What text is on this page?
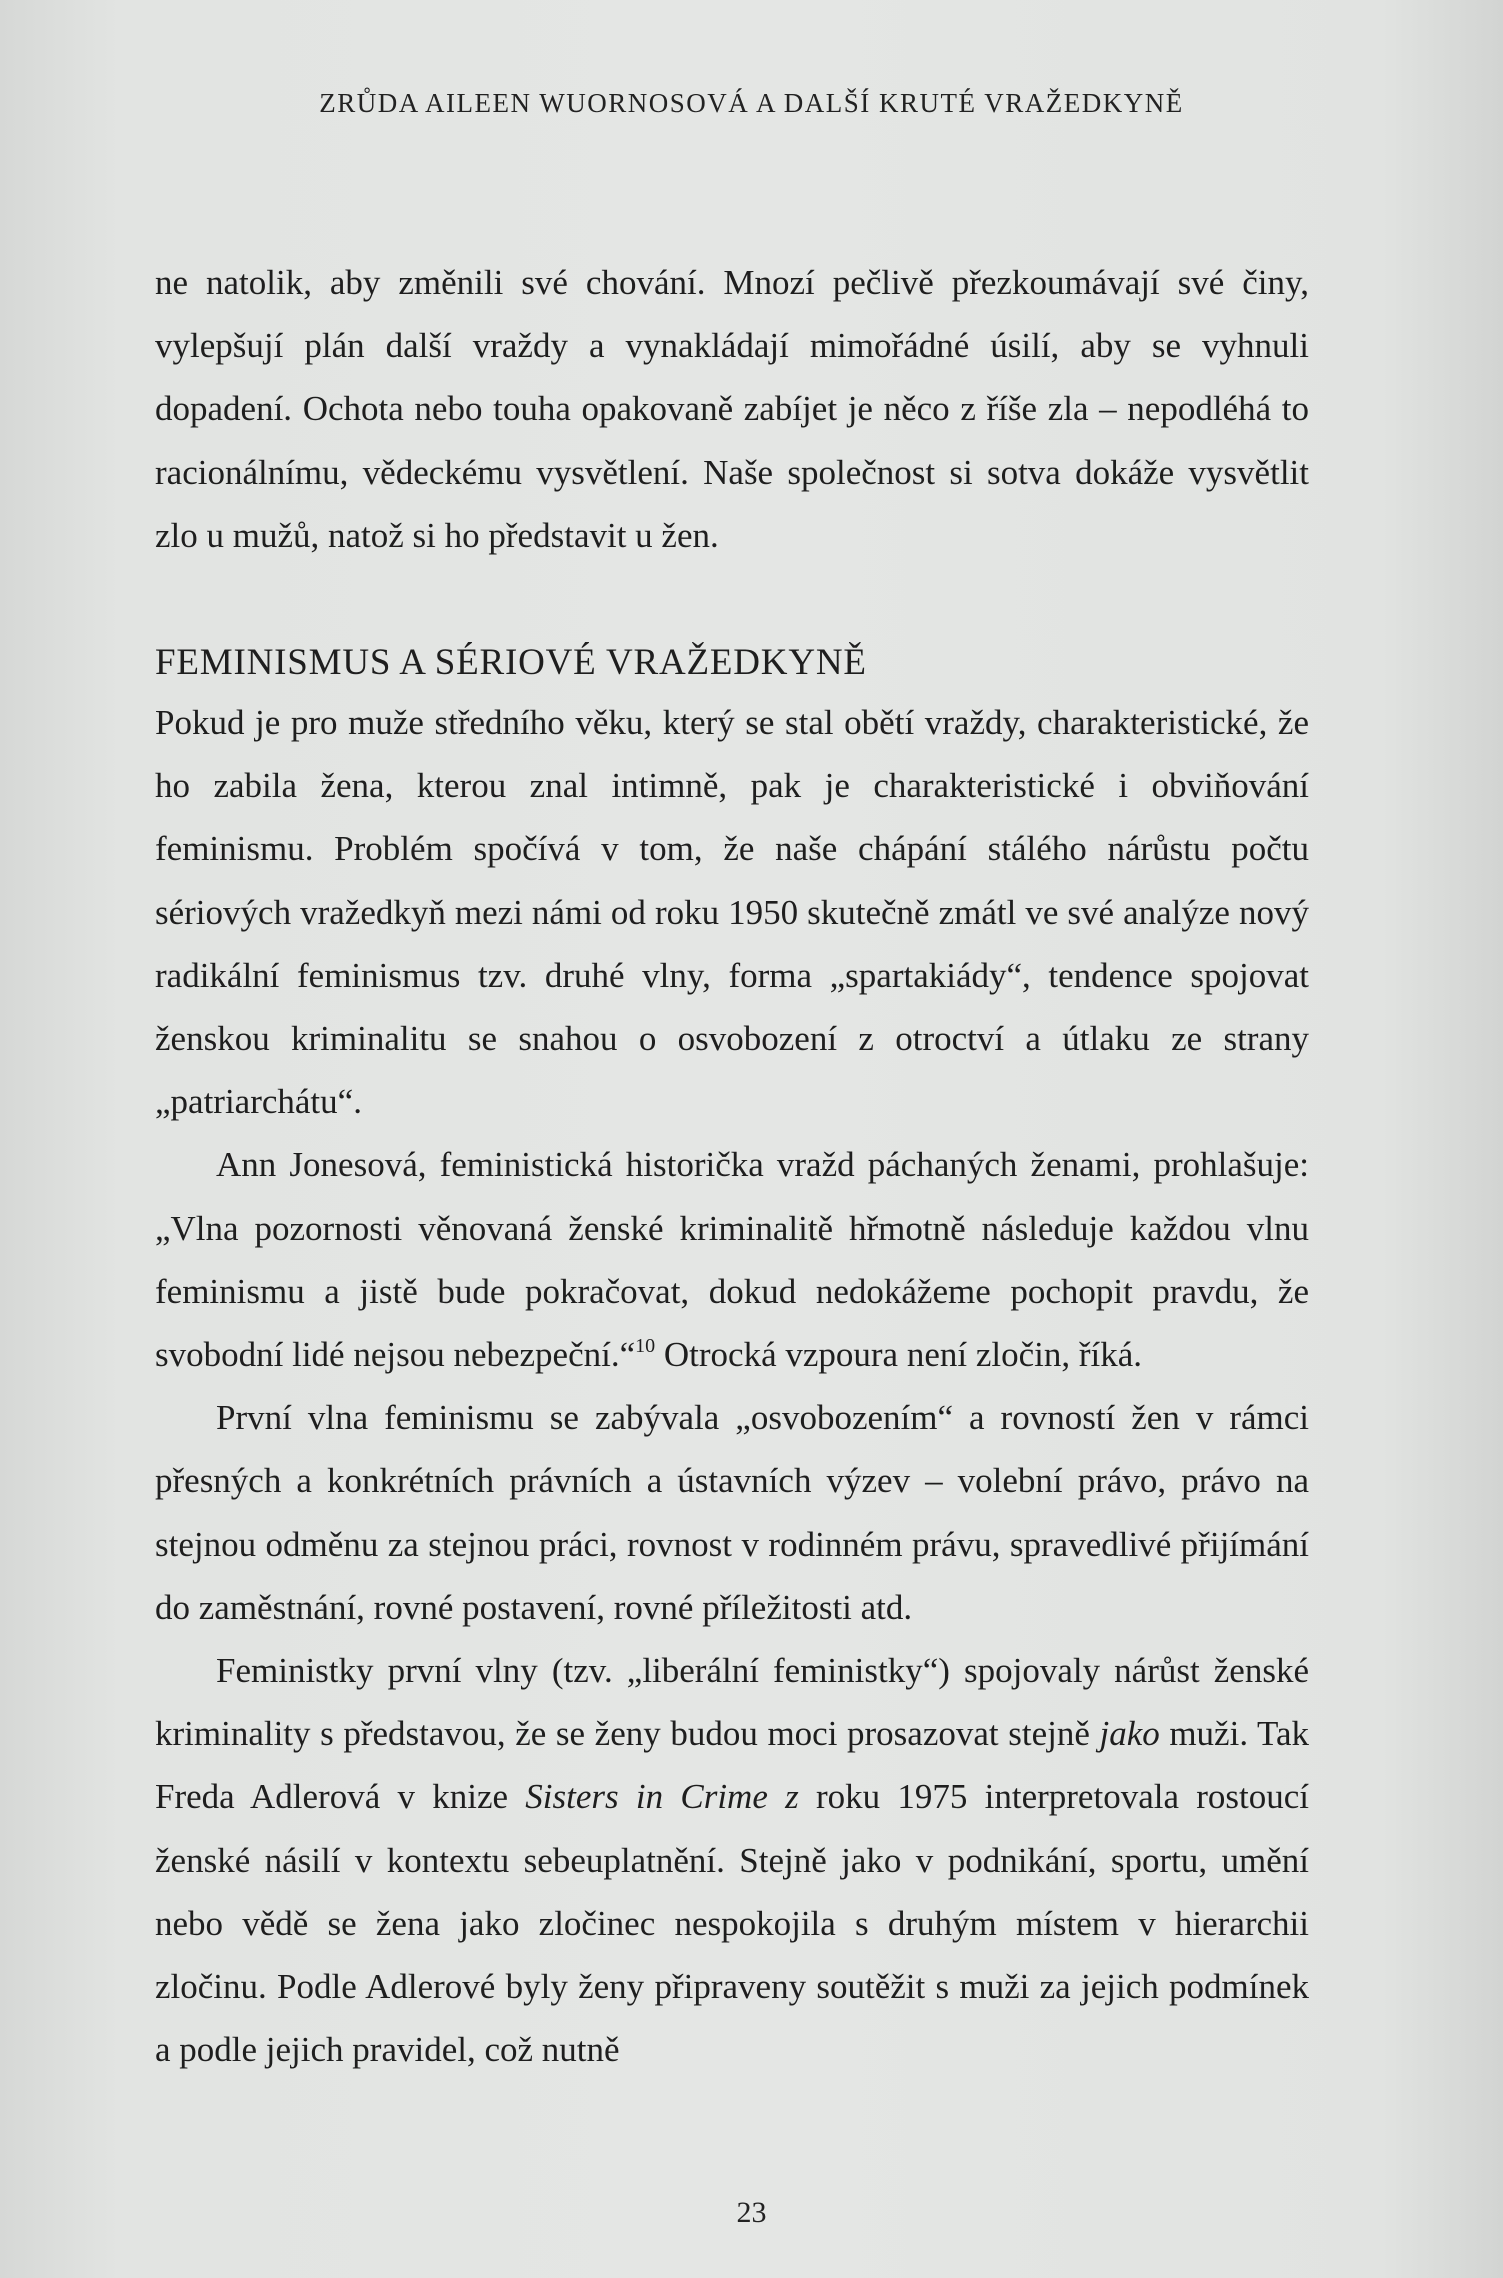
ZRŮDA AILEEN WUORNOSOVÁ A DALŠÍ KRUTÉ VRAŽEDKYNĚ

ne natolik, aby změnili své chování. Mnozí pečlivě přezkoumávají své činy, vylepšují plán další vraždy a vynakládají mimořádné úsilí, aby se vyhnuli dopadení. Ochota nebo touha opakovaně zabíjet je něco z říše zla – nepodléhá to racionálnímu, vědeckému vysvětlení. Naše společnost si sotva dokáže vysvětlit zlo u mužů, natož si ho představit u žen.

FEMINISMUS A SÉRIOVÉ VRAŽEDKYNĚ

Pokud je pro muže středního věku, který se stal obětí vraždy, charakteristické, že ho zabila žena, kterou znal intimně, pak je charakteristické i obviňování feminismu. Problém spočívá v tom, že naše chápání stálého nárůstu počtu sériových vražedkyň mezi námi od roku 1950 skutečně zmátl ve své analýze nový radikální feminismus tzv. druhé vlny, forma „spartakiády“, tendence spojovat ženskou kriminalitu se snahou o osvobození z otroctví a útlaku ze strany „patriarchátu“.

Ann Jonesová, feministická historička vražd páchaných ženami, prohlašuje: „Vlna pozornosti věnovaná ženské kriminalitě hřmotně následuje každou vlnu feminismu a jistě bude pokračovat, dokud nedokážeme pochopit pravdu, že svobodní lidé nejsou nebezpeční.“$^{10}$ Otrocká vzpoura není zločin, říká.

První vlna feminismu se zabývala „osvobozením“ a rovností žen v rámci přesných a konkrétních právních a ústavních výzev – volební právo, právo na stejnou odměnu za stejnou práci, rovnost v rodinném právu, spravedlivé přijímání do zaměstnání, rovné postavení, rovné příležitosti atd.

Feministky první vlny (tzv. „liberální feministky“) spojovaly nárůst ženské kriminality s představou, že se ženy budou moci prosazovat stejně jako muži. Tak Freda Adlerová v knize Sisters in Crime z roku 1975 interpretovala rostoucí ženské násilí v kontextu sebeuplatnění. Stejně jako v podnikání, sportu, umění nebo vědě se žena jako zločinec nespokojila s druhým místem v hierarchii zločinu. Podle Adlerové byly ženy připraveny soutěžit s muži za jejich podmínek a podle jejich pravidel, což nutně

23
